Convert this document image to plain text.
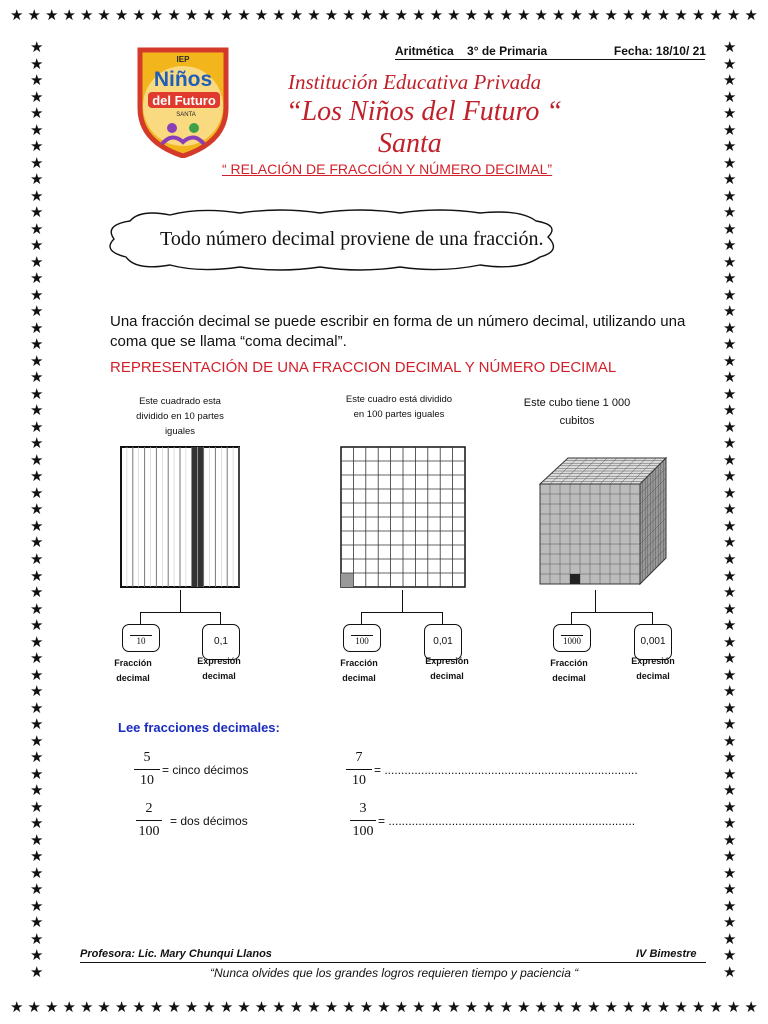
★ ★ ★ ★ ★ ★ ★ ★ ★ ★ ★ ★ ★ ★ ★ ★ ★ ★ ★ ★ ★ ★ ★ ★ ★ ★ ★ ★ ★ ★ ★ ★ ★ ★ ★ ★ ★ ★ ★ ★ ★ ★ ★
★ ★ ★ ★ ★ ★ ★ ★ ★ ★ ★ ★ ★ ★ ★ ★ ★ ★ ★ ★ ★ ★ ★ ★ ★ ★ ★ ★ ★ ★ ★ ★ ★ ★ ★ ★ ★ ★ ★ ★ ★ ★ ★
★
★
★
★
★
★
★
★
★
★
★
★
★
★
★
★
★
★
★
★
★
★
★
★
★
★
★
★
★
★
★
★
★
★
★
★
★
★
★
★
★
★
★
★
★
★
★
★
★
★
★
★
★
★
★
★
★
★
★
★
★
★
★
★
★
★
★
★
★
★
★
★
★
★
★
★
★
★
★
★
★
★
★
★
★
★
★
★
★
★
★
★
★
★
★
★
★
★
★
★
★
★
★
★
★
★
★
★
★
★
★
★
★
★
Aritmética 3° de Primaria	Fecha: 18/10/ 21
IEP
Niños
del Futuro
SANTA
Institución Educativa Privada
“Los Niños del Futuro “
Santa
“ RELACIÓN DE FRACCIÓN Y NÚMERO DECIMAL”
Todo número decimal proviene de una fracción.
Una fracción decimal se puede escribir en forma de un número decimal, utilizando una coma que se llama “coma decimal”.
REPRESENTACIÓN DE UNA FRACCION DECIMAL Y NÚMERO DECIMAL
Este cuadrado esta dividido en 10 partes iguales
Este cuadro está dividido en 100 partes iguales
Este cubo tiene 1 000 cubitos
10	0,1
Fracción decimal
Expresión decimal
100	0,01
Fracción decimal
Expresión decimal
1000	0,001
Fracción decimal
Expresión decimal
Lee fracciones decimales:
$\frac{5}{10}$ = cinco décimos	$\frac{7}{10}$ = ............................................................................
$\frac{2}{100}$ = dos décimos	$\frac{3}{100}$ = ..........................................................................
Profesora: Lic. Mary Chunqui Llanos	IV Bimestre
“Nunca olvides que los grandes logros requieren tiempo y paciencia “
